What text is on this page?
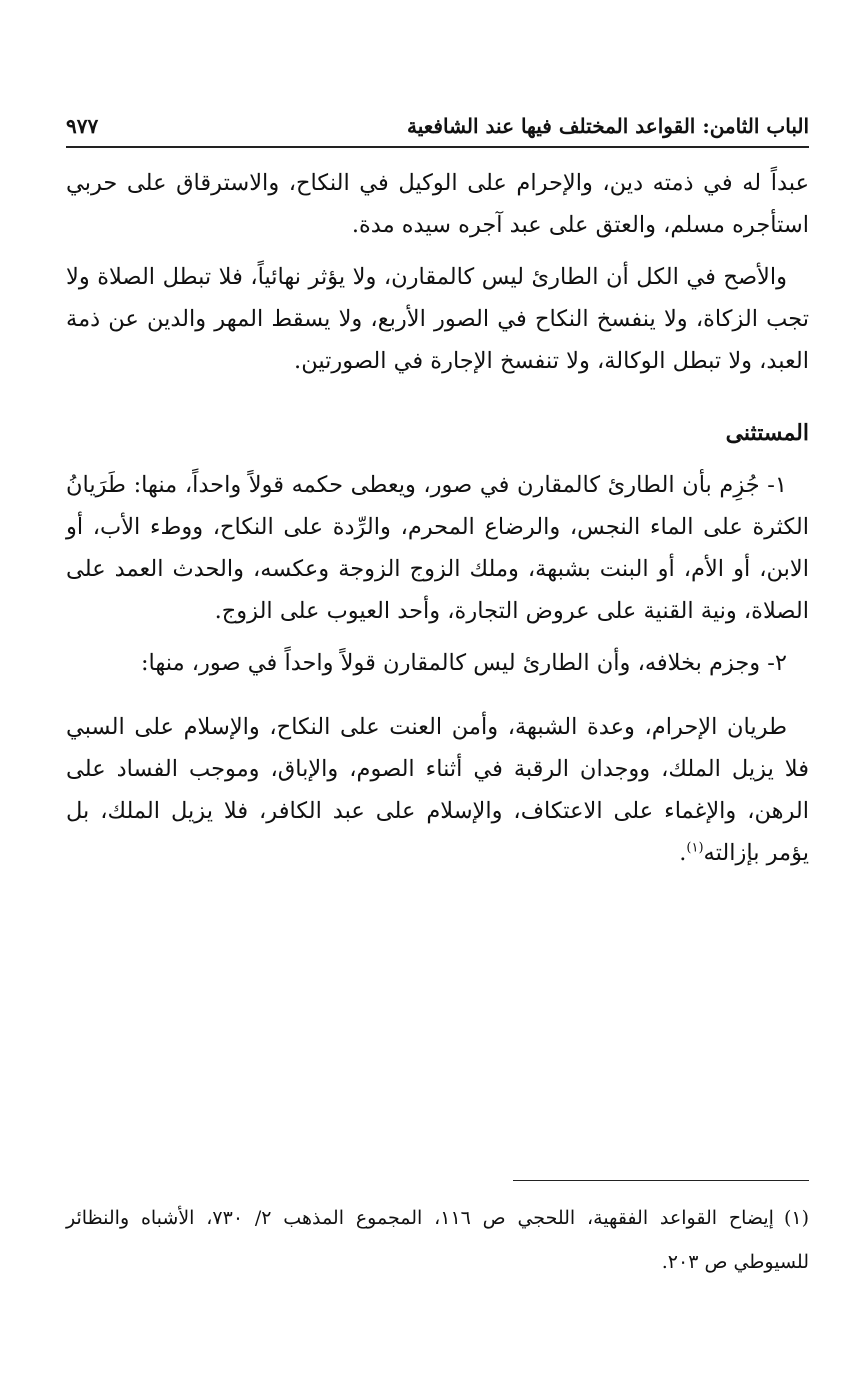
الباب الثامن: القواعد المختلف فيها عند الشافعية
٩٧٧

عبداً له في ذمته دين، والإحرام على الوكيل في النكاح، والاسترقاق على حربي استأجره مسلم، والعتق على عبد آجره سيده مدة.

والأصح في الكل أن الطارئ ليس كالمقارن، ولا يؤثر نهائياً، فلا تبطل الصلاة ولا تجب الزكاة، ولا ينفسخ النكاح في الصور الأربع، ولا يسقط المهر والدين عن ذمة العبد، ولا تبطل الوكالة، ولا تنفسخ الإجارة في الصورتين.

المستثنى

١- جُزِم بأن الطارئ كالمقارن في صور، ويعطى حكمه قولاً واحداً، منها: طَرَيانُ الكثرة على الماء النجس، والرضاع المحرم، والرِّدة على النكاح، ووطء الأب، أو الابن، أو الأم، أو البنت بشبهة، وملك الزوج الزوجة وعكسه، والحدث العمد على الصلاة، ونية القنية على عروض التجارة، وأحد العيوب على الزوج.

٢- وجزم بخلافه، وأن الطارئ ليس كالمقارن قولاً واحداً في صور، منها:

طريان الإحرام، وعدة الشبهة، وأمن العنت على النكاح، والإسلام على السبي فلا يزيل الملك، ووجدان الرقبة في أثناء الصوم، والإباق، وموجب الفساد على الرهن، والإغماء على الاعتكاف، والإسلام على عبد الكافر، فلا يزيل الملك، بل يؤمر بإزالته$^{(١)}$.

(١)إيضاح القواعد الفقهية، اللحجي ص ١١٦، المجموع المذهب ٢/ ٧٣٠، الأشباه والنظائر للسيوطي ص ٢٠٣.
